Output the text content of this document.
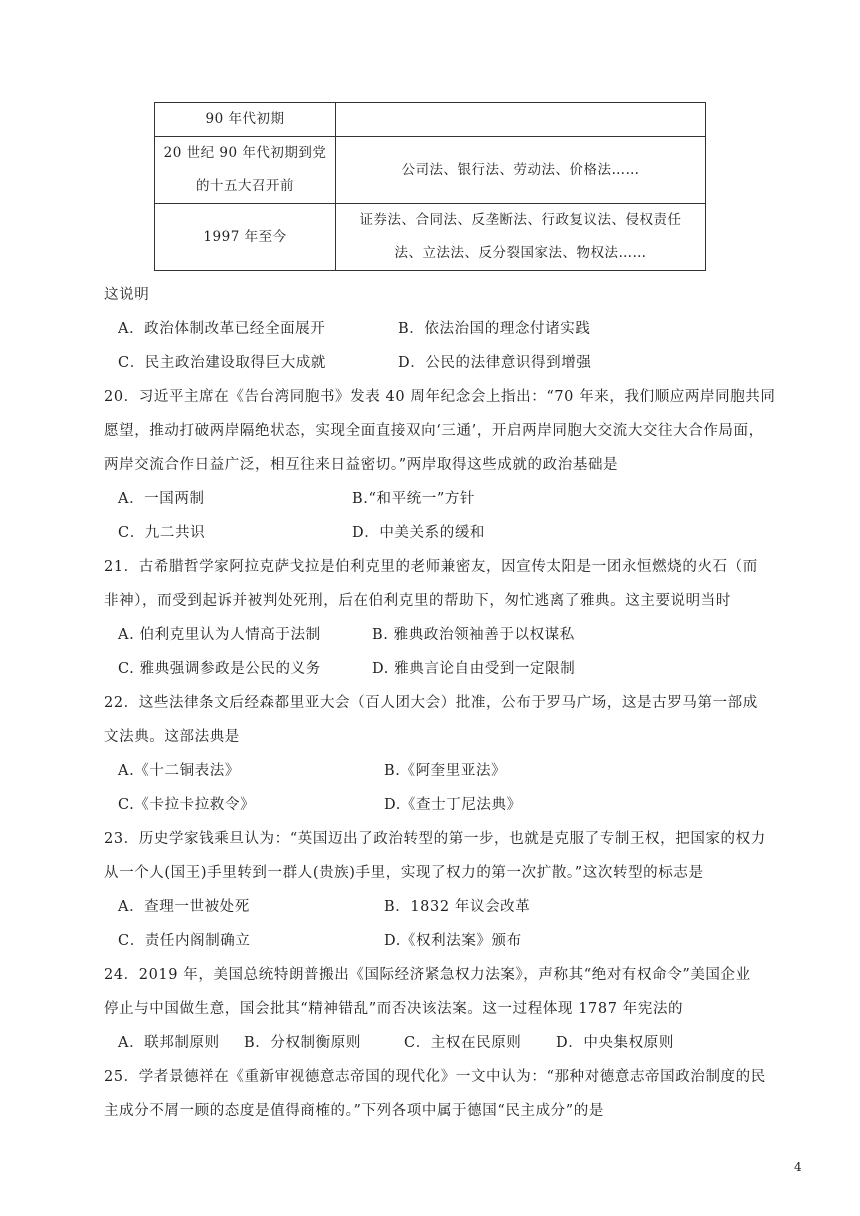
90 年代初期	

20 世纪 90 年代初期到党
的十五大召开前	公司法、银行法、劳动法、价格法……
1997 年至今	证券法、合同法、反垄断法、行政复议法、侵权责任
法、立法法、反分裂国家法、物权法……
这说明
A．政治体制改革已经全面展开	B．依法治国的理念付诸实践
C．民主政治建设取得巨大成就	D．公民的法律意识得到增强
20．习近平主席在《告台湾同胞书》发表 40 周年纪念会上指出：“70 年来，我们顺应两岸同胞共同
愿望，推动打破两岸隔绝状态，实现全面直接双向‘三通’，开启两岸同胞大交流大交往大合作局面，
两岸交流合作日益广泛，相互往来日益密切。”两岸取得这些成就的政治基础是
A．一国两制	B.“和平统一”方针
C．九二共识	D．中美关系的缓和
21．古希腊哲学家阿拉克萨戈拉是伯利克里的老师兼密友，因宣传太阳是一团永恒燃烧的火石（而
非神），而受到起诉并被判处死刑，后在伯利克里的帮助下，匆忙逃离了雅典。这主要说明当时
A. 伯利克里认为人情高于法制	B. 雅典政治领袖善于以权谋私
C. 雅典强调参政是公民的义务	D. 雅典言论自由受到一定限制
22．这些法律条文后经森都里亚大会（百人团大会）批准，公布于罗马广场，这是古罗马第一部成
文法典。这部法典是
A.《十二铜表法》	B.《阿奎里亚法》
C.《卡拉卡拉救令》	D.《查士丁尼法典》
23．历史学家钱乘旦认为：“英国迈出了政治转型的第一步，也就是克服了专制王权，把国家的权力
从一个人(国王)手里转到一群人(贵族)手里，实现了权力的第一次扩散。”这次转型的标志是
A．查理一世被处死	B．1832 年议会改革
C．责任内阁制确立	D.《权利法案》颁布
24．2019 年，美国总统特朗普搬出《国际经济紧急权力法案》，声称其“绝对有权命令”美国企业
停止与中国做生意，国会批其“精神错乱”而否决该法案。这一过程体现 1787 年宪法的
A．联邦制原则 B．分权制衡原则	C．主权在民原则 D．中央集权原则
25．学者景德祥在《重新审视德意志帝国的现代化》一文中认为：“那种对德意志帝国政治制度的民
主成分不屑一顾的态度是值得商榷的。”下列各项中属于德国“民主成分”的是
4
